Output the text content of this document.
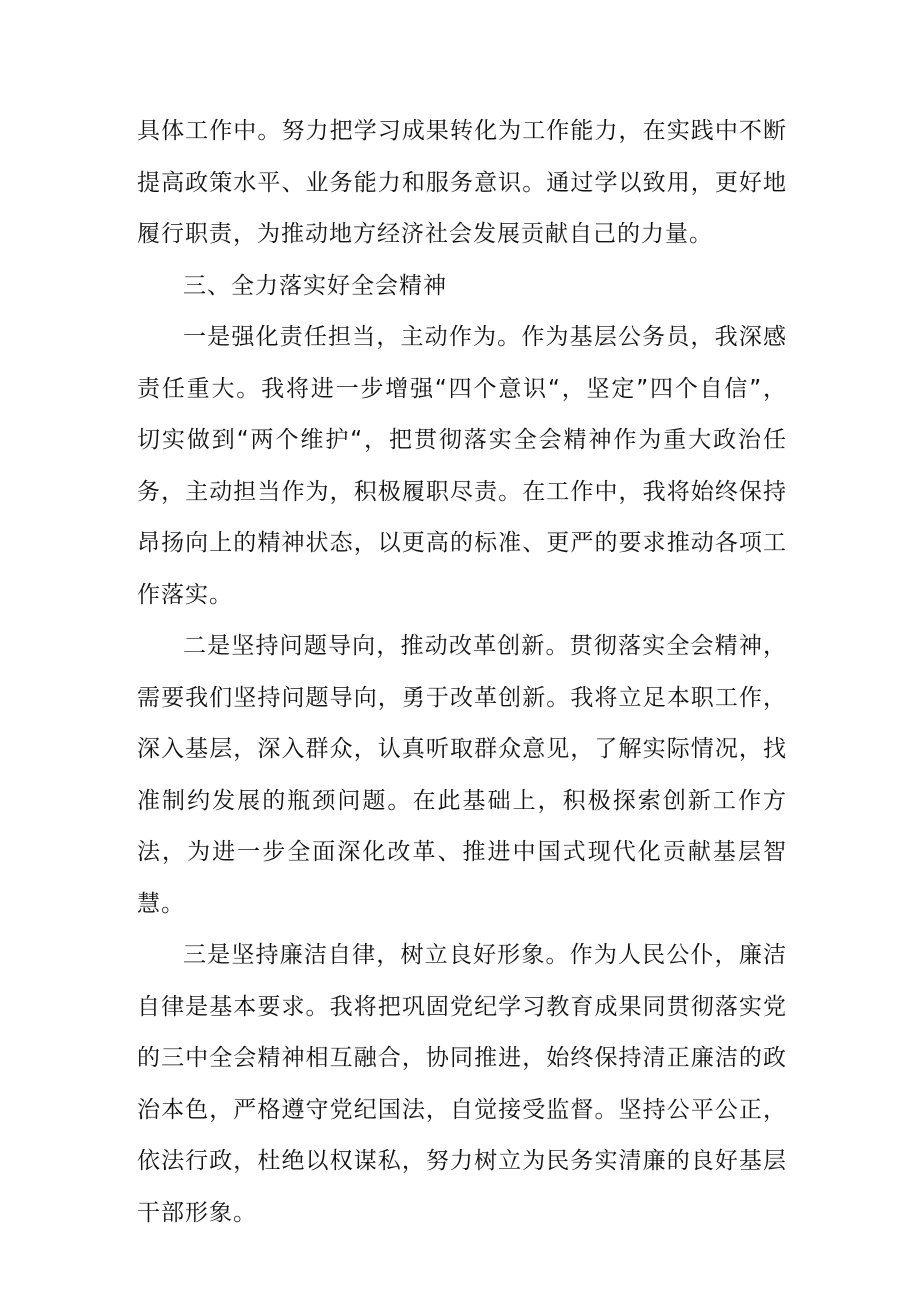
具体工作中。努力把学习成果转化为工作能力，在实践中不断提高政策水平、业务能力和服务意识。通过学以致用，更好地履行职责，为推动地方经济社会发展贡献自己的力量。

三、全力落实好全会精神

一是强化责任担当，主动作为。作为基层公务员，我深感责任重大。我将进一步增强“四个意识“，坚定”四个自信”，切实做到“两个维护“，把贯彻落实全会精神作为重大政治任务，主动担当作为，积极履职尽责。在工作中，我将始终保持昂扬向上的精神状态，以更高的标准、更严的要求推动各项工作落实。

二是坚持问题导向，推动改革创新。贯彻落实全会精神，需要我们坚持问题导向，勇于改革创新。我将立足本职工作，深入基层，深入群众，认真听取群众意见，了解实际情况，找准制约发展的瓶颈问题。在此基础上，积极探索创新工作方法，为进一步全面深化改革、推进中国式现代化贡献基层智慧。

三是坚持廉洁自律，树立良好形象。作为人民公仆，廉洁自律是基本要求。我将把巩固党纪学习教育成果同贯彻落实党的三中全会精神相互融合，协同推进，始终保持清正廉洁的政治本色，严格遵守党纪国法，自觉接受监督。坚持公平公正，依法行政，杜绝以权谋私，努力树立为民务实清廉的良好基层干部形象。
